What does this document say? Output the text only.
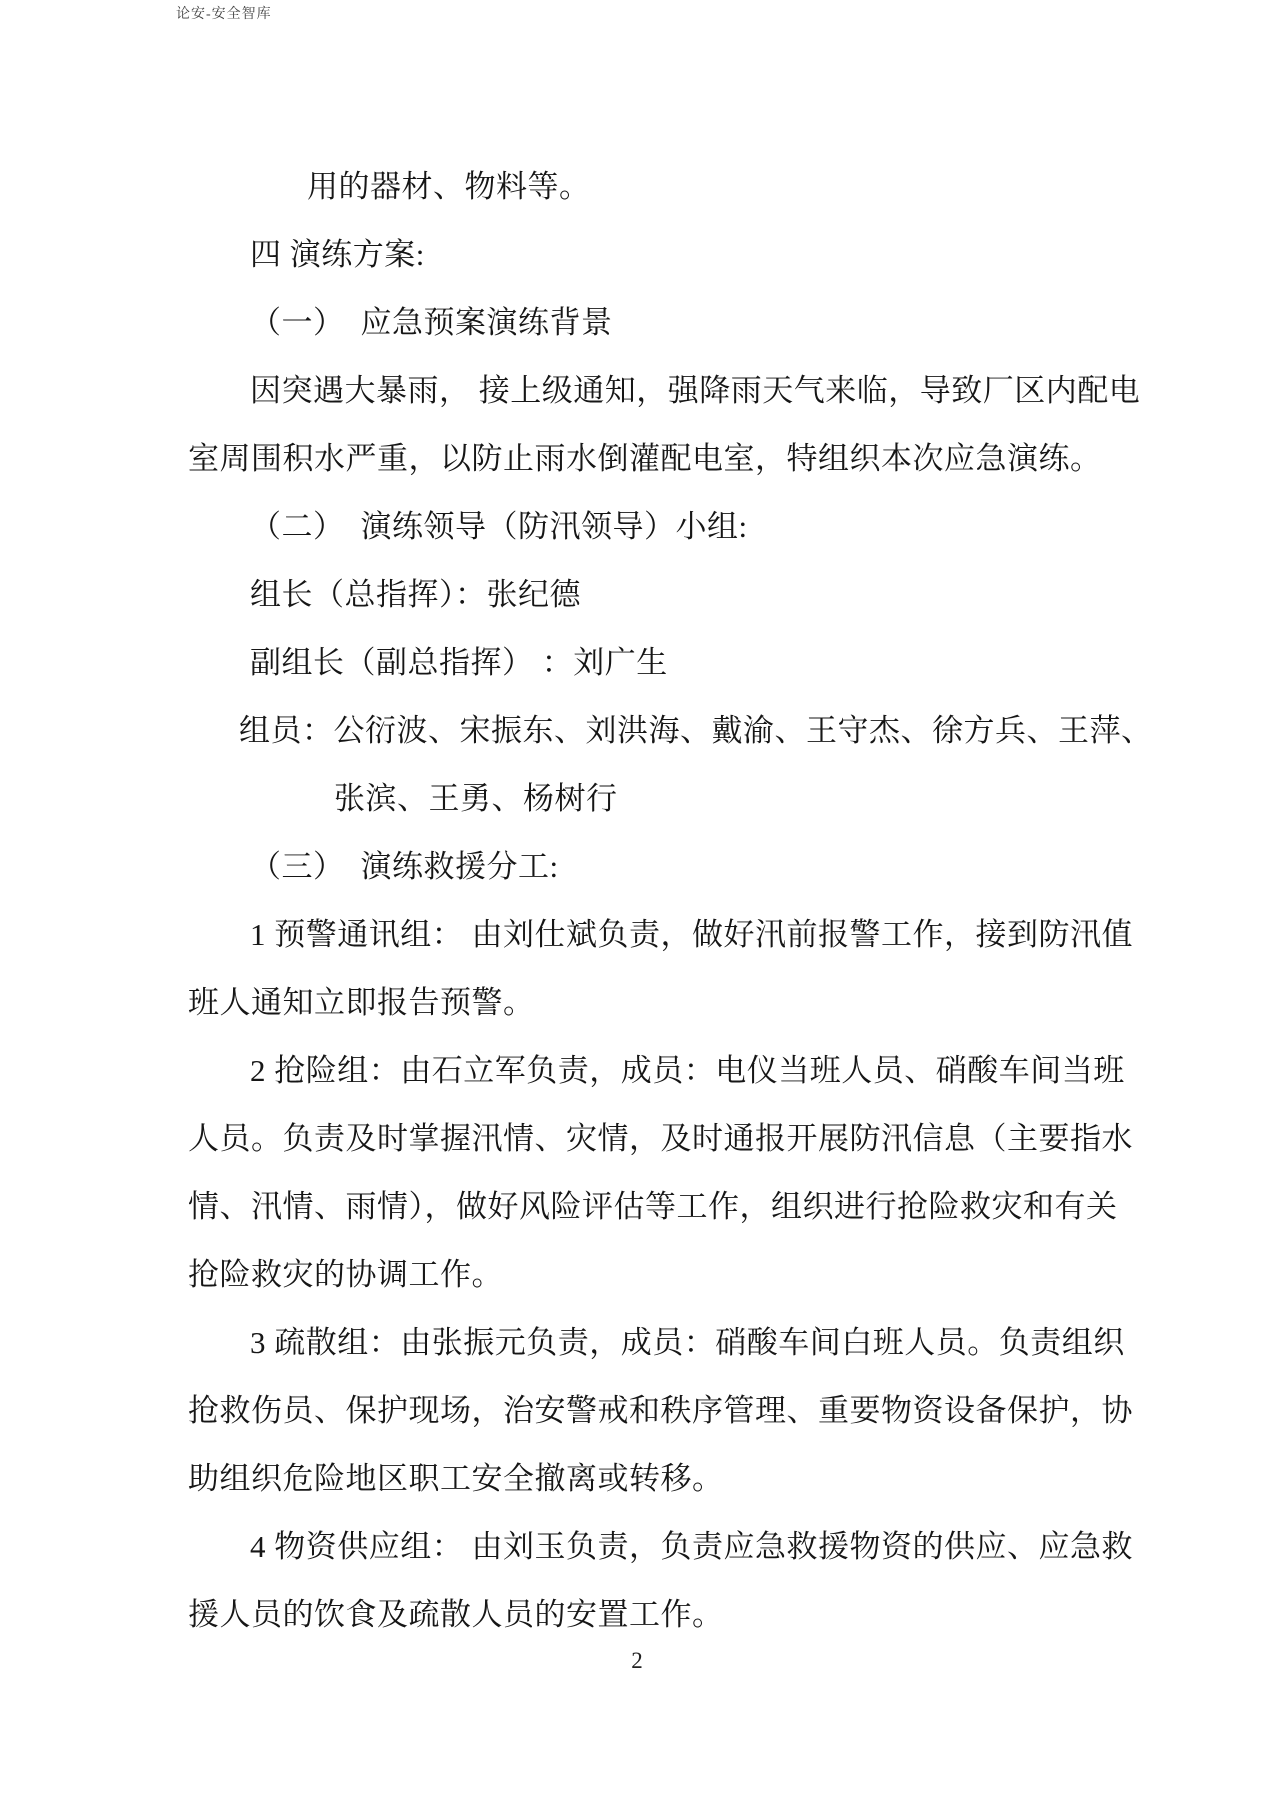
论安-安全智库
用的器材、物料等。
四 演练方案:
（一）　应急预案演练背景
因突遇大暴雨， 接上级通知，强降雨天气来临，导致厂区内配电
室周围积水严重，以防止雨水倒灌配电室，特组织本次应急演练。
（二）　演练领导（防汛领导）小组:
组长（总指挥）：张纪德
副组长（副总指挥） ：刘广生
组员：公衍波、宋振东、刘洪海、戴渝、王守杰、徐方兵、王萍、
张滨、王勇、杨树行
（三）　演练救援分工:
1 预警通讯组： 由刘仕斌负责，做好汛前报警工作，接到防汛值
班人通知立即报告预警。
2 抢险组：由石立军负责，成员：电仪当班人员、硝酸车间当班
人员。负责及时掌握汛情、灾情，及时通报开展防汛信息（主要指水
情、汛情、雨情），做好风险评估等工作，组织进行抢险救灾和有关
抢险救灾的协调工作。
3 疏散组：由张振元负责，成员：硝酸车间白班人员。负责组织
抢救伤员、保护现场，治安警戒和秩序管理、重要物资设备保护，协
助组织危险地区职工安全撤离或转移。
4 物资供应组： 由刘玉负责，负责应急救援物资的供应、应急救
援人员的饮食及疏散人员的安置工作。
2
